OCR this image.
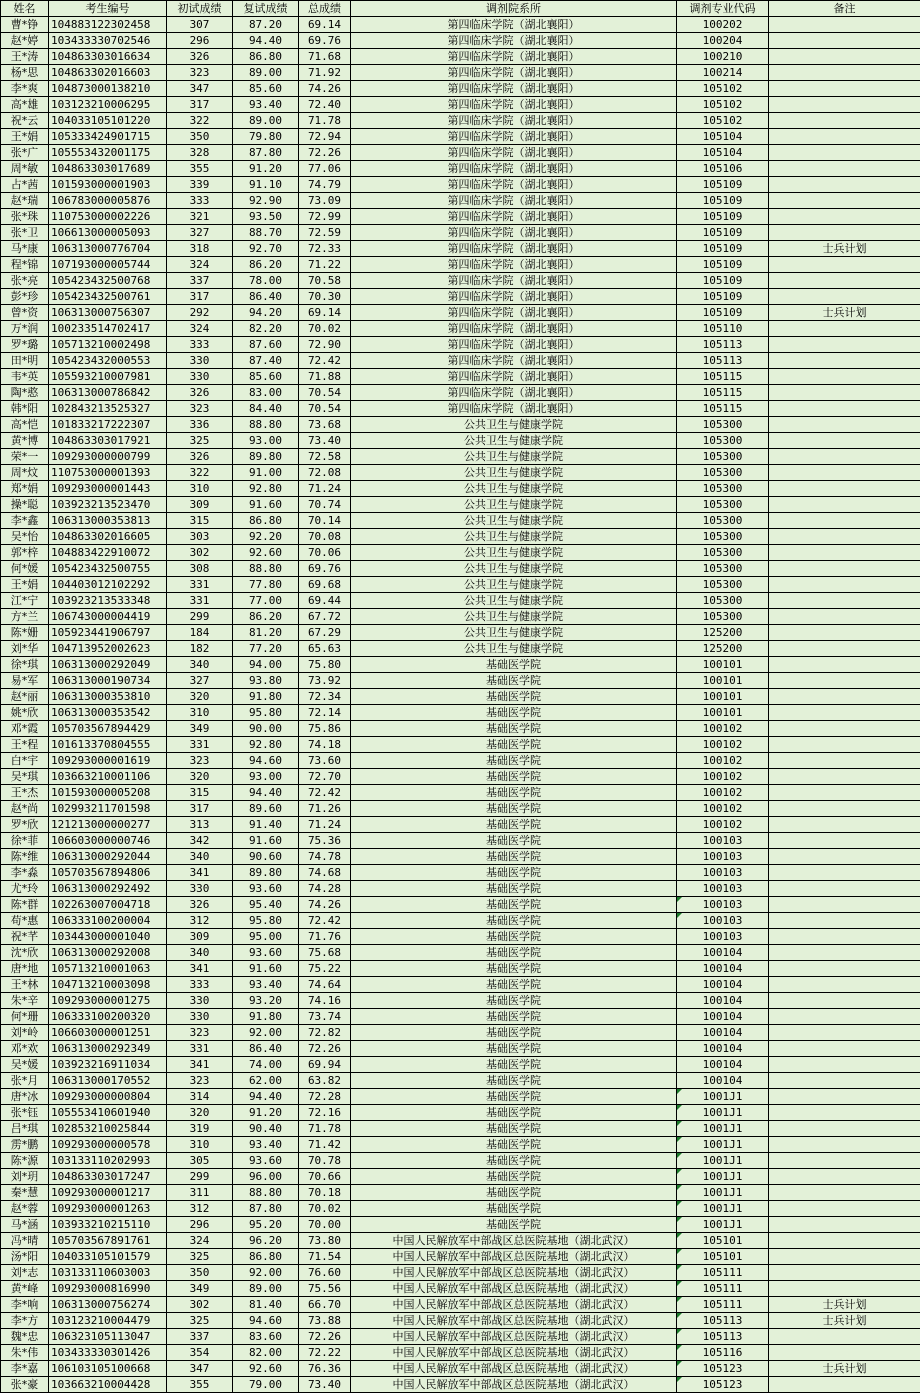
姓名	考生编号	初试成绩	复试成绩	总成绩	调剂院系所	调剂专业代码	备注
曹*铮	104883122302458	307	87.20	69.14	第四临床学院（湖北襄阳）	100202	
赵*婷	103433330702546	296	94.40	69.76	第四临床学院（湖北襄阳）	100204	
王*涛	104863303016634	326	86.80	71.68	第四临床学院（湖北襄阳）	100210	
杨*思	104863302016603	323	89.00	71.92	第四临床学院（湖北襄阳）	100214	
李*爽	104873000138210	347	85.60	74.26	第四临床学院（湖北襄阳）	105102	
高*雄	103123210006295	317	93.40	72.40	第四临床学院（湖北襄阳）	105102	
祝*云	104033105101220	322	89.00	71.78	第四临床学院（湖北襄阳）	105102	
王*娟	105333424901715	350	79.80	72.94	第四临床学院（湖北襄阳）	105104	
张*广	105553432001175	328	87.80	72.26	第四临床学院（湖北襄阳）	105104	
周*敏	104863303017689	355	91.20	77.06	第四临床学院（湖北襄阳）	105106	
占*茜	101593000001903	339	91.10	74.79	第四临床学院（湖北襄阳）	105109	
赵*瑞	106783000005876	333	92.90	73.09	第四临床学院（湖北襄阳）	105109	
张*珠	110753000002226	321	93.50	72.99	第四临床学院（湖北襄阳）	105109	
张*卫	106613000005093	327	88.70	72.59	第四临床学院（湖北襄阳）	105109	
马*康	106313000776704	318	92.70	72.33	第四临床学院（湖北襄阳）	105109	士兵计划
程*锦	107193000005744	324	86.20	71.22	第四临床学院（湖北襄阳）	105109	
张*亮	105423432500768	337	78.00	70.58	第四临床学院（湖北襄阳）	105109	
彭*珍	105423432500761	317	86.40	70.30	第四临床学院（湖北襄阳）	105109	
曾*资	106313000756307	292	94.20	69.14	第四临床学院（湖北襄阳）	105109	士兵计划
万*润	100233514702417	324	82.20	70.02	第四临床学院（湖北襄阳）	105110	
罗*璐	105713210002498	333	87.60	72.90	第四临床学院（湖北襄阳）	105113	
田*明	105423432000553	330	87.40	72.42	第四临床学院（湖北襄阳）	105113	
韦*英	105593210007981	330	85.60	71.88	第四临床学院（湖北襄阳）	105115	
陶*憨	106313000786842	326	83.00	70.54	第四临床学院（湖北襄阳）	105115	
韩*阳	102843213525327	323	84.40	70.54	第四临床学院（湖北襄阳）	105115	
高*恺	101833217222307	336	88.80	73.68	公共卫生与健康学院	105300	
黄*博	104863303017921	325	93.00	73.40	公共卫生与健康学院	105300	
荣*一	109293000000799	326	89.80	72.58	公共卫生与健康学院	105300	
周*炆	110753000001393	322	91.00	72.08	公共卫生与健康学院	105300	
郑*娟	109293000001443	310	92.80	71.24	公共卫生与健康学院	105300	
操*聪	103923213523470	309	91.60	70.74	公共卫生与健康学院	105300	
李*鑫	106313000353813	315	86.80	70.14	公共卫生与健康学院	105300	
吴*怡	104863302016605	303	92.20	70.08	公共卫生与健康学院	105300	
郭*梓	104883422910072	302	92.60	70.06	公共卫生与健康学院	105300	
何*媛	105423432500755	308	88.80	69.76	公共卫生与健康学院	105300	
王*娟	104403012102292	331	77.80	69.68	公共卫生与健康学院	105300	
江*宁	103923213533348	331	77.00	69.44	公共卫生与健康学院	105300	
方*兰	106743000004419	299	86.20	67.72	公共卫生与健康学院	105300	
陈*姗	105923441906797	184	81.20	67.29	公共卫生与健康学院	125200	
刘*华	104713952002623	182	77.20	65.63	公共卫生与健康学院	125200	
徐*琪	106313000292049	340	94.00	75.80	基础医学院	100101	
易*军	106313000190734	327	93.80	73.92	基础医学院	100101	
赵*丽	106313000353810	320	91.80	72.34	基础医学院	100101	
姚*欣	106313000353542	310	95.80	72.14	基础医学院	100101	
邓*霞	105703567894429	349	90.00	75.86	基础医学院	100102	
王*程	101613370804555	331	92.80	74.18	基础医学院	100102	
白*宇	109293000001619	323	94.60	73.60	基础医学院	100102	
吴*琪	103663210001106	320	93.00	72.70	基础医学院	100102	
王*杰	101593000005208	315	94.40	72.42	基础医学院	100102	
赵*尚	102993211701598	317	89.60	71.26	基础医学院	100102	
罗*欣	121213000000277	313	91.40	71.24	基础医学院	100102	
徐*菲	106603000000746	342	91.60	75.36	基础医学院	100103	
陈*维	106313000292044	340	90.60	74.78	基础医学院	100103	
李*淼	105703567894806	341	89.80	74.68	基础医学院	100103	
尤*玲	106313000292492	330	93.60	74.28	基础医学院	100103	
陈*群	102263007004718	326	95.40	74.26	基础医学院	100103	
苟*惠	106333100200004	312	95.80	72.42	基础医学院	100103	
祝*芊	103443000001040	309	95.00	71.76	基础医学院	100103	
沈*欣	106313000292008	340	93.60	75.68	基础医学院	100104	
唐*地	105713210001063	341	91.60	75.22	基础医学院	100104	
王*林	104713210003098	333	93.40	74.64	基础医学院	100104	
朱*辛	109293000001275	330	93.20	74.16	基础医学院	100104	
何*珊	106333100200320	330	91.80	73.74	基础医学院	100104	
刘*岭	106603000001251	323	92.00	72.82	基础医学院	100104	
邓*欢	106313000292349	331	86.40	72.26	基础医学院	100104	
吴*媛	103923216911034	341	74.00	69.94	基础医学院	100104	
张*月	106313000170552	323	62.00	63.82	基础医学院	100104	
唐*冰	109293000000804	314	94.40	72.28	基础医学院	1001J1	
张*钰	105553410601940	320	91.20	72.16	基础医学院	1001J1	
吕*琪	102853210025844	319	90.40	71.78	基础医学院	1001J1	
雳*鹏	109293000000578	310	93.40	71.42	基础医学院	1001J1	
陈*源	103133110202993	305	93.60	70.78	基础医学院	1001J1	
刘*玥	104863303017247	299	96.00	70.66	基础医学院	1001J1	
秦*慧	109293000001217	311	88.80	70.18	基础医学院	1001J1	
赵*蓉	109293000001263	312	87.80	70.02	基础医学院	1001J1	
马*涵	103933210215110	296	95.20	70.00	基础医学院	1001J1	
冯*晴	105703567891761	324	96.20	73.80	中国人民解放军中部战区总医院基地（湖北武汉）	105101	
汤*阳	104033105101579	325	86.80	71.54	中国人民解放军中部战区总医院基地（湖北武汉）	105101	
刘*志	103133110603003	350	92.00	76.60	中国人民解放军中部战区总医院基地（湖北武汉）	105111	
黄*峰	109293000816990	349	89.00	75.56	中国人民解放军中部战区总医院基地（湖北武汉）	105111	
李*响	106313000756274	302	81.40	66.70	中国人民解放军中部战区总医院基地（湖北武汉）	105111	士兵计划
李*方	103123210004479	325	94.60	73.88	中国人民解放军中部战区总医院基地（湖北武汉）	105113	士兵计划
魏*忠	106323105113047	337	83.60	72.26	中国人民解放军中部战区总医院基地（湖北武汉）	105113	
朱*伟	103433330301426	354	82.00	72.22	中国人民解放军中部战区总医院基地（湖北武汉）	105116	
李*嘉	106103105100668	347	92.60	76.36	中国人民解放军中部战区总医院基地（湖北武汉）	105123	士兵计划
张*豪	103663210004428	355	79.00	73.40	中国人民解放军中部战区总医院基地（湖北武汉）	105123	
